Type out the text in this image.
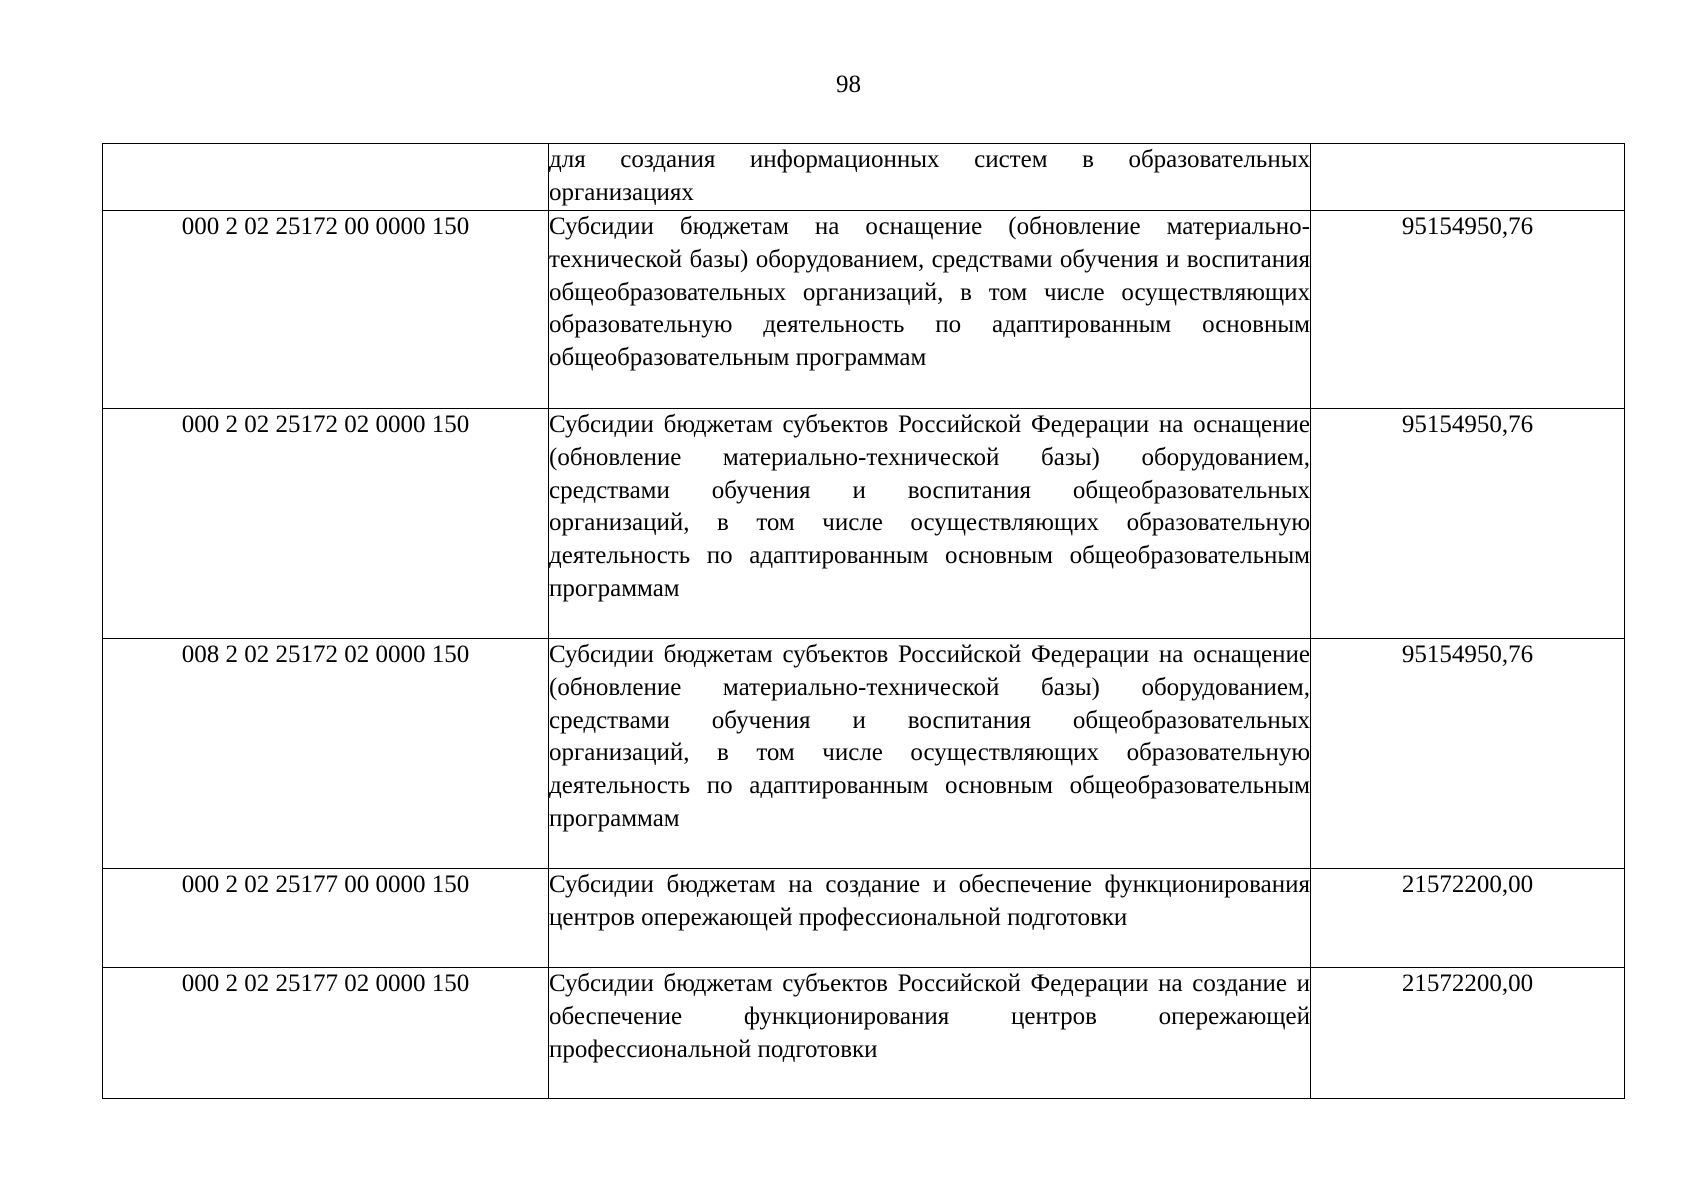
98
	для создания информационных систем в образовательных организациях	
000 2 02 25172 00 0000 150	Субсидии бюджетам на оснащение (обновление материально-технической базы) оборудованием, средствами обучения и воспитания общеобразовательных организаций, в том числе осуществляющих образовательную деятельность по адаптированным основным общеобразовательным программам	95154950,76
000 2 02 25172 02 0000 150	Субсидии бюджетам субъектов Российской Федерации на оснащение (обновление материально-технической базы) оборудованием, средствами обучения и воспитания общеобразовательных организаций, в том числе осуществляющих образовательную деятельность по адаптированным основным общеобразовательным программам	95154950,76
008 2 02 25172 02 0000 150	Субсидии бюджетам субъектов Российской Федерации на оснащение (обновление материально-технической базы) оборудованием, средствами обучения и воспитания общеобразовательных организаций, в том числе осуществляющих образовательную деятельность по адаптированным основным общеобразовательным программам	95154950,76
000 2 02 25177 00 0000 150	Субсидии бюджетам на создание и обеспечение функционирования центров опережающей профессиональной подготовки	21572200,00
000 2 02 25177 02 0000 150	Субсидии бюджетам субъектов Российской Федерации на создание и обеспечение функционирования центров опережающей профессиональной подготовки	21572200,00
